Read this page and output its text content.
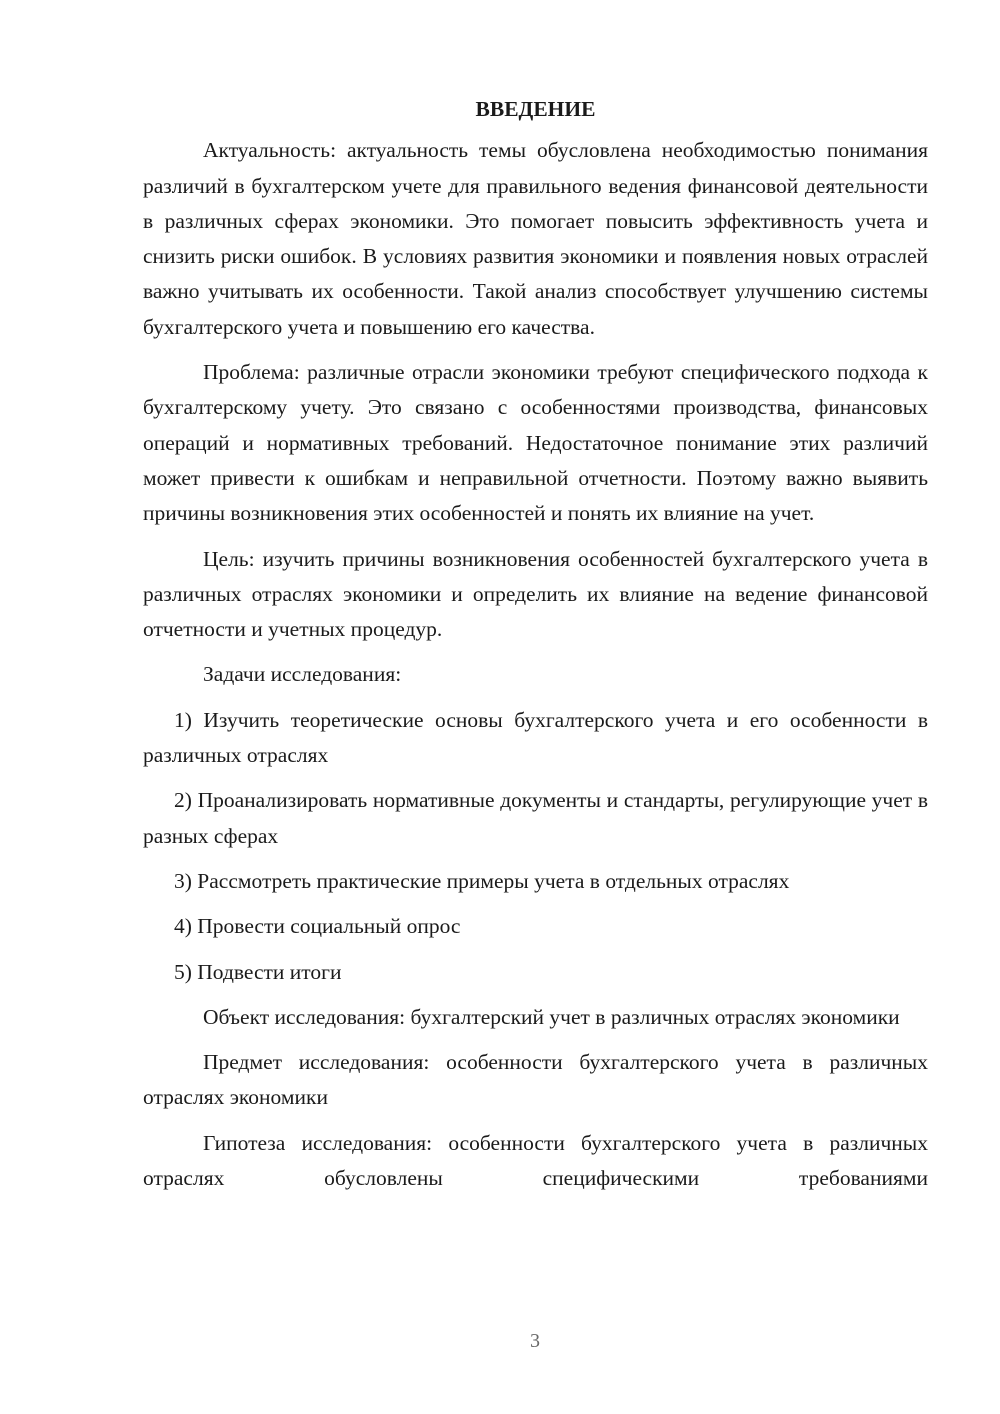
ВВЕДЕНИЕ

Актуальность: актуальность темы обусловлена необходимостью понимания различий в бухгалтерском учете для правильного ведения финансовой деятельности в различных сферах экономики. Это помогает повысить эффективность учета и снизить риски ошибок. В условиях развития экономики и появления новых отраслей важно учитывать их особенности. Такой анализ способствует улучшению системы бухгалтерского учета и повышению его качества.

Проблема: различные отрасли экономики требуют специфического подхода к бухгалтерскому учету. Это связано с особенностями производства, финансовых операций и нормативных требований. Недостаточное понимание этих различий может привести к ошибкам и неправильной отчетности. Поэтому важно выявить причины возникновения этих особенностей и понять их влияние на учет.

Цель: изучить причины возникновения особенностей бухгалтерского учета в различных отраслях экономики и определить их влияние на ведение финансовой отчетности и учетных процедур.

Задачи исследования:

1) Изучить теоретические основы бухгалтерского учета и его особенности в различных отраслях

2) Проанализировать нормативные документы и стандарты, регулирующие учет в разных сферах

3) Рассмотреть практические примеры учета в отдельных отраслях

4) Провести социальный опрос

5) Подвести итоги

Объект исследования: бухгалтерский учет в различных отраслях экономики

Предмет исследования: особенности бухгалтерского учета в различных отраслях экономики

Гипотеза исследования: особенности бухгалтерского учета в различных отраслях обусловлены специфическими требованиями

3
